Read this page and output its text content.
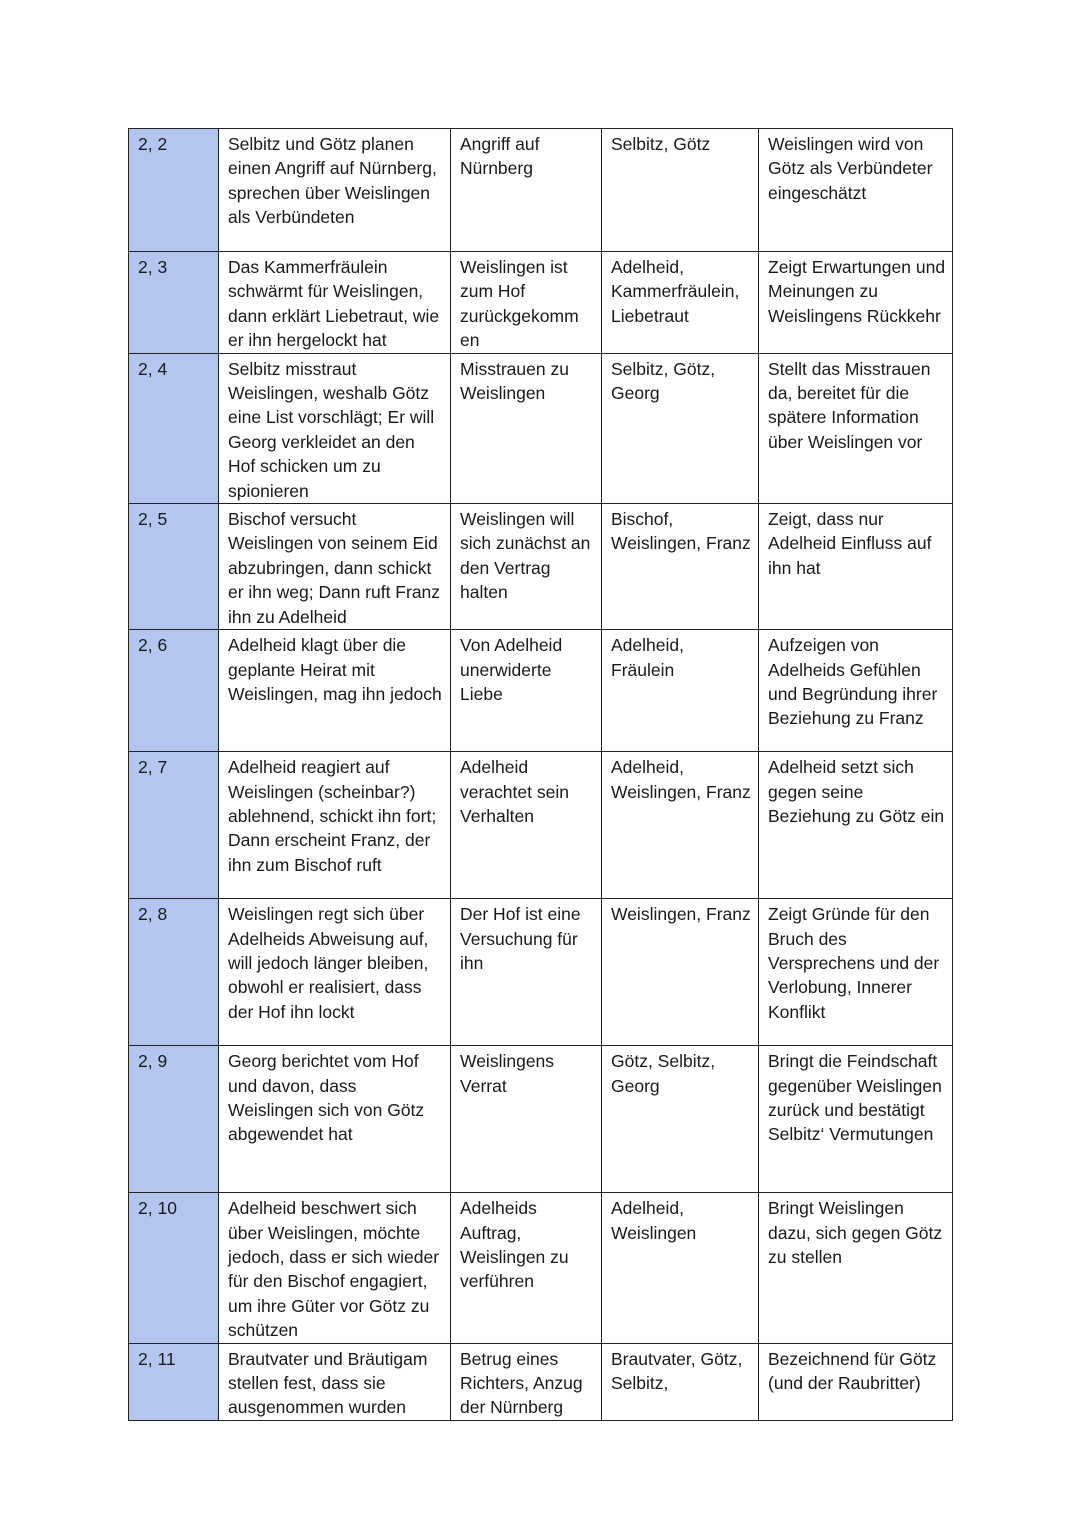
2, 2	Selbitz und Götz planen einen Angriff auf Nürnberg, sprechen über Weislingen als Verbündeten	Angriff auf Nürnberg	Selbitz, Götz	Weislingen wird von Götz als Verbündeter eingeschätzt
2, 3	Das Kammerfräulein schwärmt für Weislingen, dann erklärt Liebetraut, wie er ihn hergelockt hat	Weislingen ist zum Hof zurückgekomm en	Adelheid, Kammerfräulein, Liebetraut	Zeigt Erwartungen und Meinungen zu Weislingens Rückkehr
2, 4	Selbitz misstraut Weislingen, weshalb Götz eine List vorschlägt; Er will Georg verkleidet an den Hof schicken um zu spionieren	Misstrauen zu Weislingen	Selbitz, Götz, Georg	Stellt das Misstrauen da, bereitet für die spätere Information über Weislingen vor
2, 5	Bischof versucht Weislingen von seinem Eid abzubringen, dann schickt er ihn weg; Dann ruft Franz ihn zu Adelheid	Weislingen will sich zunächst an den Vertrag halten	Bischof, Weislingen, Franz	Zeigt, dass nur Adelheid Einfluss auf ihn hat
2, 6	Adelheid klagt über die geplante Heirat mit Weislingen, mag ihn jedoch	Von Adelheid unerwiderte Liebe	Adelheid, Fräulein	Aufzeigen von Adelheids Gefühlen und Begründung ihrer Beziehung zu Franz
2, 7	Adelheid reagiert auf Weislingen (scheinbar?) ablehnend, schickt ihn fort; Dann erscheint Franz, der ihn zum Bischof ruft	Adelheid verachtet sein Verhalten	Adelheid, Weislingen, Franz	Adelheid setzt sich gegen seine Beziehung zu Götz ein
2, 8	Weislingen regt sich über Adelheids Abweisung auf, will jedoch länger bleiben, obwohl er realisiert, dass der Hof ihn lockt	Der Hof ist eine Versuchung für ihn	Weislingen, Franz	Zeigt Gründe für den Bruch des Versprechens und der Verlobung, Innerer Konflikt
2, 9	Georg berichtet vom Hof und davon, dass Weislingen sich von Götz abgewendet hat	Weislingens Verrat	Götz, Selbitz, Georg	Bringt die Feindschaft gegenüber Weislingen zurück und bestätigt Selbitz‘ Vermutungen
2, 10	Adelheid beschwert sich über Weislingen, möchte jedoch, dass er sich wieder für den Bischof engagiert, um ihre Güter vor Götz zu schützen	Adelheids Auftrag, Weislingen zu verführen	Adelheid, Weislingen	Bringt Weislingen dazu, sich gegen Götz zu stellen
2, 11	Brautvater und Bräutigam stellen fest, dass sie ausgenommen wurden	Betrug eines Richters, Anzug der Nürnberg	Brautvater, Götz, Selbitz,	Bezeichnend für Götz (und der Raubritter)
